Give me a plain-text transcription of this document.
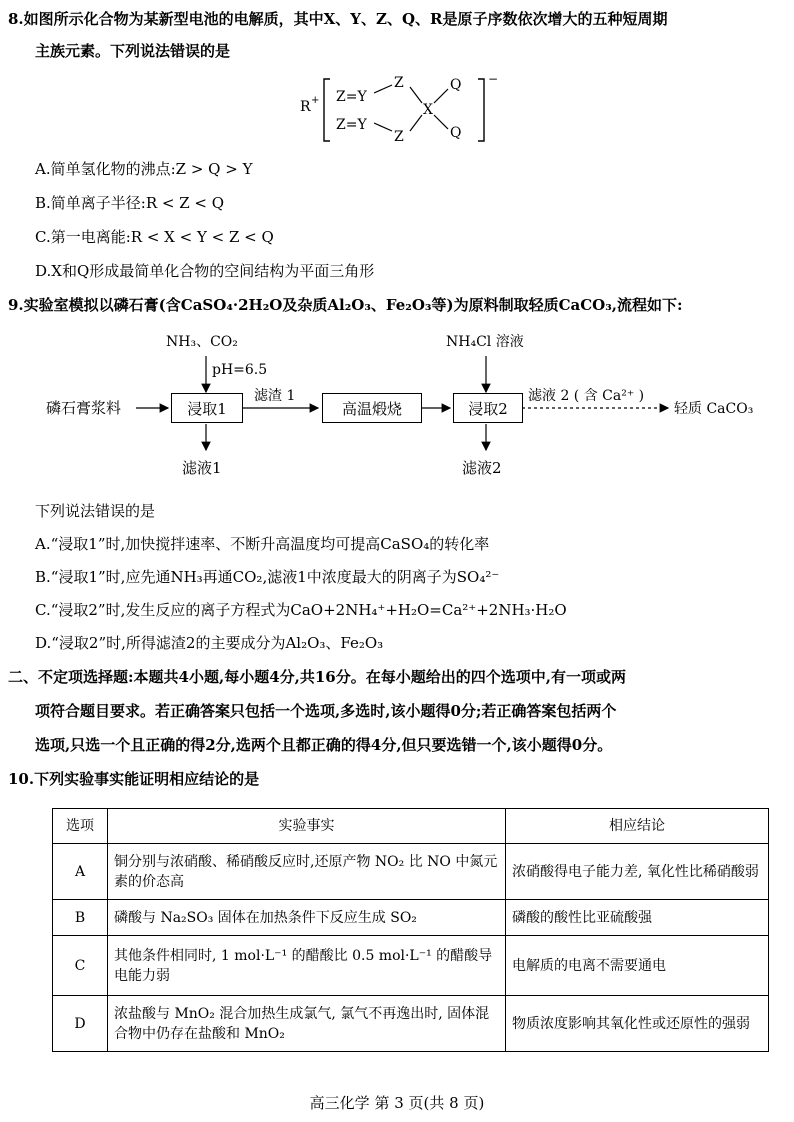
8.如图所示化合物为某新型电池的电解质，其中X、Y、Z、Q、R是原子序数依次增大的五种短周期
主族元素。下列说法错误的是
R + Z=Y
Z=Y
Z
Z
X
Q
Q
−
A.简单氢化物的沸点:Z > Q > Y
B.简单离子半径:R < Z < Q
C.第一电离能:R < X < Y < Z < Q
D.X和Q形成最简单化合物的空间结构为平面三角形
9.实验室模拟以磷石膏(含CaSO₄·2H₂O及杂质Al₂O₃、Fe₂O₃等)为原料制取轻质CaCO₃,流程如下:
NH₃、CO₂
pH=6.5
磷石膏浆料	浸取1
滤渣 1
高温煅烧
NH₄Cl 溶液
浸取2
滤液 2 ( 含 Ca²⁺ )
轻质 CaCO₃
滤液1	滤液2
下列说法错误的是
A.“浸取1”时,加快搅拌速率、不断升高温度均可提高CaSO₄的转化率
B.“浸取1”时,应先通NH₃再通CO₂,滤液1中浓度最大的阴离子为SO₄²⁻
C.“浸取2”时,发生反应的离子方程式为CaO+2NH₄⁺+H₂O=Ca²⁺+2NH₃·H₂O
D.“浸取2”时,所得滤渣2的主要成分为Al₂O₃、Fe₂O₃
二、不定项选择题:本题共4小题,每小题4分,共16分。在每小题给出的四个选项中,有一项或两
项符合题目要求。若正确答案只包括一个选项,多选时,该小题得0分;若正确答案包括两个
选项,只选一个且正确的得2分,选两个且都正确的得4分,但只要选错一个,该小题得0分。
10.下列实验事实能证明相应结论的是
选项	实验事实	相应结论
A	铜分别与浓硝酸、稀硝酸反应时,还原产物 NO₂ 比 NO 中氮元素的价态高	浓硝酸得电子能力差, 氧化性比稀硝酸弱
B	磷酸与 Na₂SO₃ 固体在加热条件下反应生成 SO₂	磷酸的酸性比亚硫酸强
C	其他条件相同时, 1 mol·L⁻¹ 的醋酸比 0.5 mol·L⁻¹ 的醋酸导电能力弱	电解质的电离不需要通电
D	浓盐酸与 MnO₂ 混合加热生成氯气, 氯气不再逸出时, 固体混合物中仍存在盐酸和 MnO₂	物质浓度影响其氧化性或还原性的强弱
高三化学 第 3 页(共 8 页)
